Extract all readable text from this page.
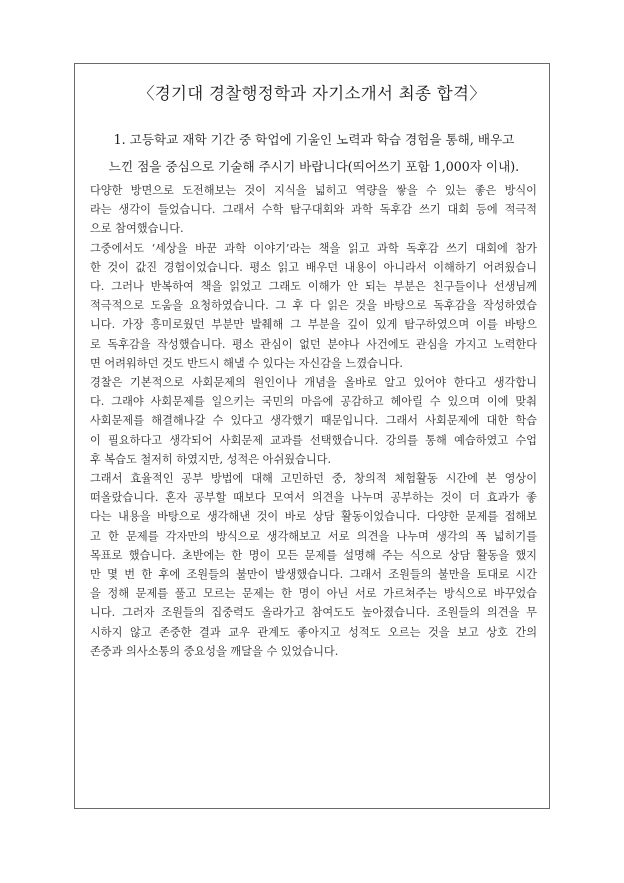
〈경기대 경찰행정학과 자기소개서 최종 합격〉
1. 고등학교 재학 기간 중 학업에 기울인 노력과 학습 경험을 통해, 배우고
느낀 점을 중심으로 기술해 주시기 바랍니다(띄어쓰기 포함 1,000자 이내).

다양한 방면으로 도전해보는 것이 지식을 넓히고 역량을 쌓을 수 있는 좋은 방식이
라는 생각이 들었습니다. 그래서 수학 탐구대회와 과학 독후감 쓰기 대회 등에 적극적
으로 참여했습니다.

그중에서도 ‘세상을 바꾼 과학 이야기’라는 책을 읽고 과학 독후감 쓰기 대회에 참가
한 것이 값진 경험이었습니다. 평소 읽고 배우던 내용이 아니라서 이해하기 어려웠습니
다. 그러나 반복하여 책을 읽었고 그래도 이해가 안 되는 부분은 친구들이나 선생님께
적극적으로 도움을 요청하였습니다. 그 후 다 읽은 것을 바탕으로 독후감을 작성하였습
니다. 가장 흥미로웠던 부분만 발췌해 그 부분을 깊이 있게 탐구하였으며 이를 바탕으
로 독후감을 작성했습니다. 평소 관심이 없던 분야나 사건에도 관심을 가지고 노력한다
면 어려워하던 것도 반드시 해낼 수 있다는 자신감을 느꼈습니다.

경찰은 기본적으로 사회문제의 원인이나 개념을 올바로 알고 있어야 한다고 생각합니
다. 그래야 사회문제를 일으키는 국민의 마음에 공감하고 헤아릴 수 있으며 이에 맞춰
사회문제를 해결해나갈 수 있다고 생각했기 때문입니다. 그래서 사회문제에 대한 학습
이 필요하다고 생각되어 사회문제 교과를 선택했습니다. 강의를 통해 예습하였고 수업
후 복습도 철저히 하였지만, 성적은 아쉬웠습니다.

그래서 효율적인 공부 방법에 대해 고민하던 중, 창의적 체험활동 시간에 본 영상이
떠올랐습니다. 혼자 공부할 때보다 모여서 의견을 나누며 공부하는 것이 더 효과가 좋
다는 내용을 바탕으로 생각해낸 것이 바로 상담 활동이었습니다. 다양한 문제를 접해보
고 한 문제를 각자만의 방식으로 생각해보고 서로 의견을 나누며 생각의 폭 넓히기를
목표로 했습니다. 초반에는 한 명이 모든 문제를 설명해 주는 식으로 상담 활동을 했지
만 몇 번 한 후에 조원들의 불만이 발생했습니다. 그래서 조원들의 불만을 토대로 시간
을 정해 문제를 풀고 모르는 문제는 한 명이 아닌 서로 가르쳐주는 방식으로 바꾸었습
니다. 그러자 조원들의 집중력도 올라가고 참여도도 높아졌습니다. 조원들의 의견을 무
시하지 않고 존중한 결과 교우 관계도 좋아지고 성적도 오르는 것을 보고 상호 간의
존중과 의사소통의 중요성을 깨달을 수 있었습니다.
